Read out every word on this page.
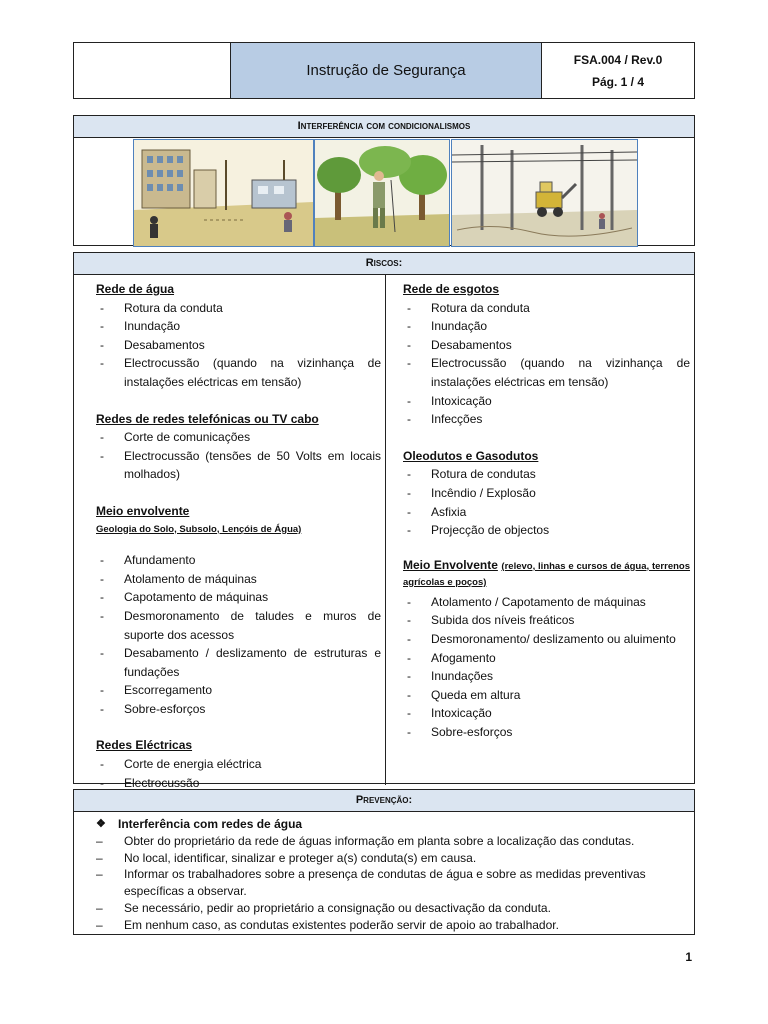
Instrução de Segurança
FSA.004 / Rev.0
Pág. 1 / 4
Interferência com condicionalismos
Riscos:
Rede de água
- Rotura da conduta
- Inundação
- Desabamentos
- Electrocussão (quando na vizinhança de instalações eléctricas em tensão)
Redes de redes telefónicas ou TV cabo
- Corte de comunicações
- Electrocussão (tensões de 50 Volts em locais molhados)
Meio envolvente
Geologia do Solo, Subsolo, Lençóis de Água)
- Afundamento
- Atolamento de máquinas
- Capotamento de máquinas
- Desmoronamento de taludes e muros de suporte dos acessos
- Desabamento / deslizamento de estruturas e fundações
- Escorregamento
- Sobre-esforços
Redes Eléctricas
- Corte de energia eléctrica
- Electrocussão
Rede de esgotos
- Rotura da conduta
- Inundação
- Desabamentos
- Electrocussão (quando na vizinhança de instalações eléctricas em tensão)
- Intoxicação
- Infecções
Oleodutos e Gasodutos
- Rotura de condutas
- Incêndio / Explosão
- Asfixia
- Projecção de objectos
Meio Envolvente (relevo, linhas e cursos de água, terrenos agrícolas e poços)
- Atolamento / Capotamento de máquinas
- Subida dos níveis freáticos
- Desmoronamento/ deslizamento ou aluimento
- Afogamento
- Inundações
- Queda em altura
- Intoxicação
- Sobre-esforços
Prevenção:
❖ Interferência com redes de água

– Obter do proprietário da rede de águas informação em planta sobre a localização das condutas.

– No local, identificar, sinalizar e proteger a(s) conduta(s) em causa.

– Informar os trabalhadores sobre a presença de condutas de água e sobre as medidas preventivas específicas a observar.

– Se necessário, pedir ao proprietário a consignação ou desactivação da conduta.

– Em nenhum caso, as condutas existentes poderão servir de apoio ao trabalhador.

1
